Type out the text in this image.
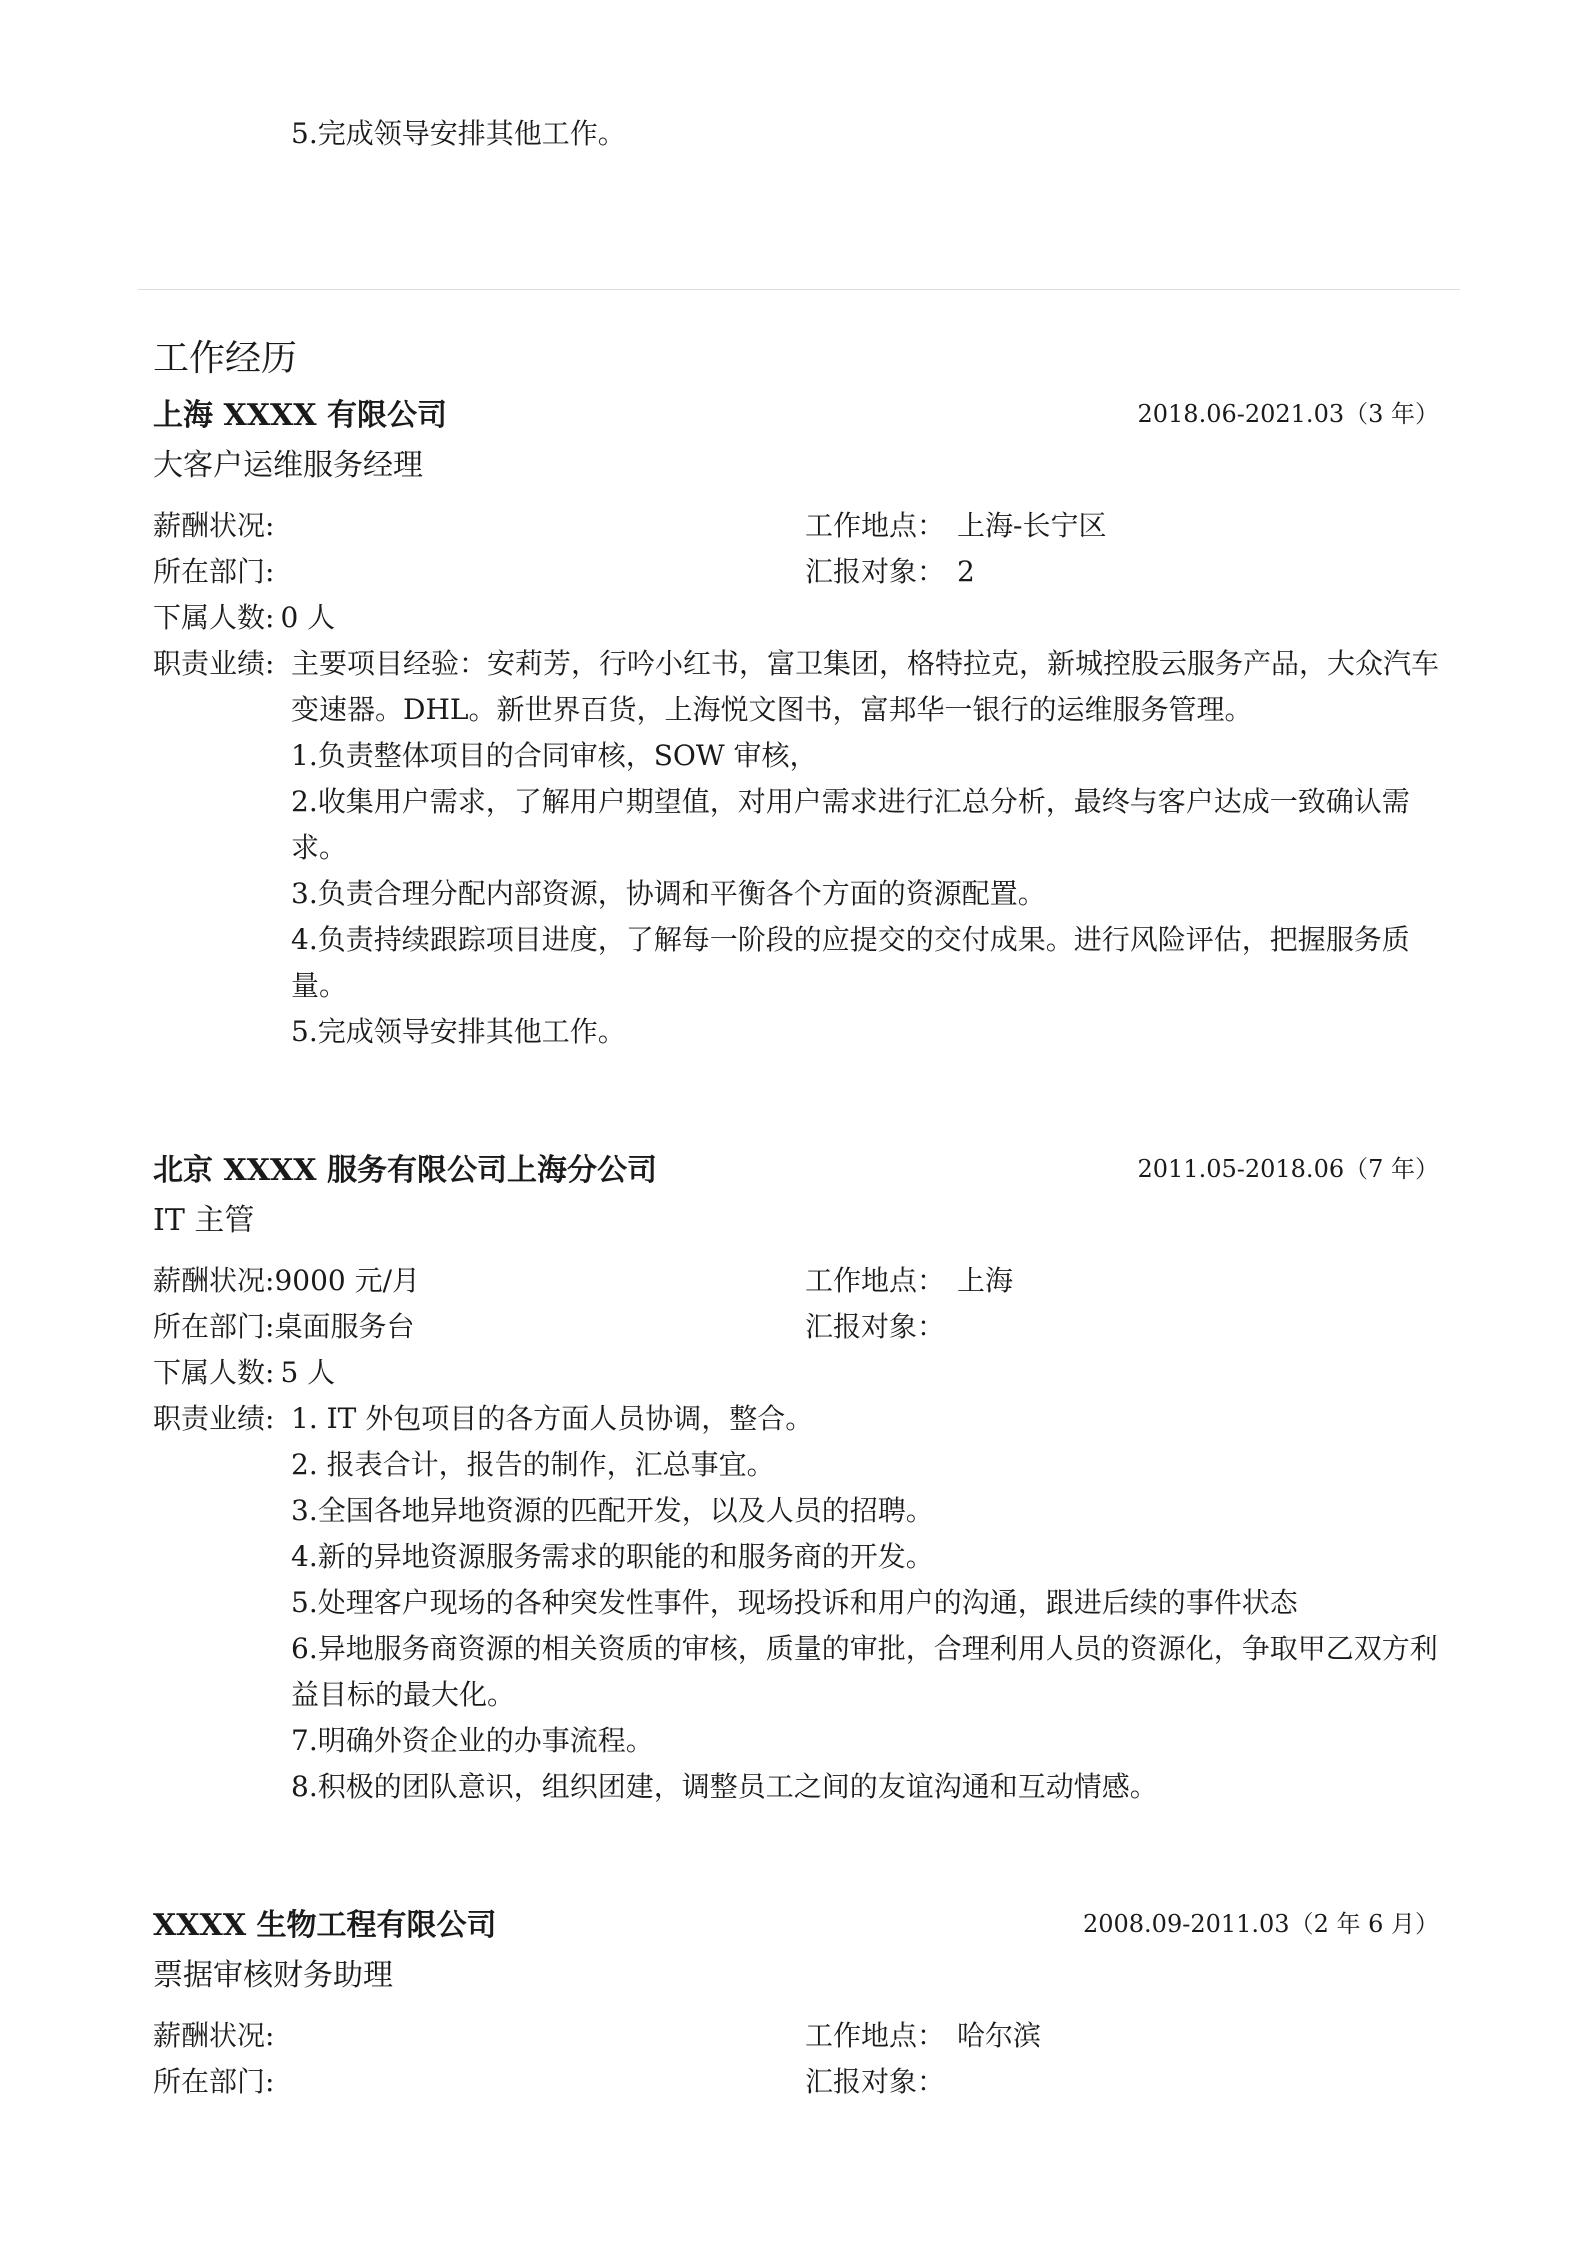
5.完成领导安排其他工作。
工作经历
上海 XXXX 有限公司	2018.06-2021.03（3 年）
大客户运维服务经理
薪酬状况:	工作地点： 上海-长宁区
所在部门:	汇报对象： 2
下属人数: 0 人
职责业绩: 主要项目经验：安莉芳，行吟小红书，富卫集团，格特拉克，新城控股云服务产品，大众汽车变速器。DHL。新世界百货，上海悦文图书，富邦华一银行的运维服务管理。
1.负责整体项目的合同审核，SOW 审核，
2.收集用户需求，了解用户期望值，对用户需求进行汇总分析，最终与客户达成一致确认需求。
3.负责合理分配内部资源，协调和平衡各个方面的资源配置。
4.负责持续跟踪项目进度，了解每一阶段的应提交的交付成果。进行风险评估，把握服务质量。
5.完成领导安排其他工作。
北京 XXXX 服务有限公司上海分公司	2011.05-2018.06（7 年）
IT 主管
薪酬状况:9000 元/月	工作地点： 上海
所在部门:桌面服务台	汇报对象：
下属人数: 5 人
职责业绩: 1. IT 外包项目的各方面人员协调，整合。
2. 报表合计，报告的制作，汇总事宜。
3.全国各地异地资源的匹配开发，以及人员的招聘。
4.新的异地资源服务需求的职能的和服务商的开发。
5.处理客户现场的各种突发性事件，现场投诉和用户的沟通，跟进后续的事件状态
6.异地服务商资源的相关资质的审核，质量的审批，合理利用人员的资源化，争取甲乙双方利益目标的最大化。
7.明确外资企业的办事流程。
8.积极的团队意识，组织团建，调整员工之间的友谊沟通和互动情感。
XXXX 生物工程有限公司	2008.09-2011.03（2 年 6 月）
票据审核财务助理
薪酬状况:	工作地点： 哈尔滨
所在部门:	汇报对象：
